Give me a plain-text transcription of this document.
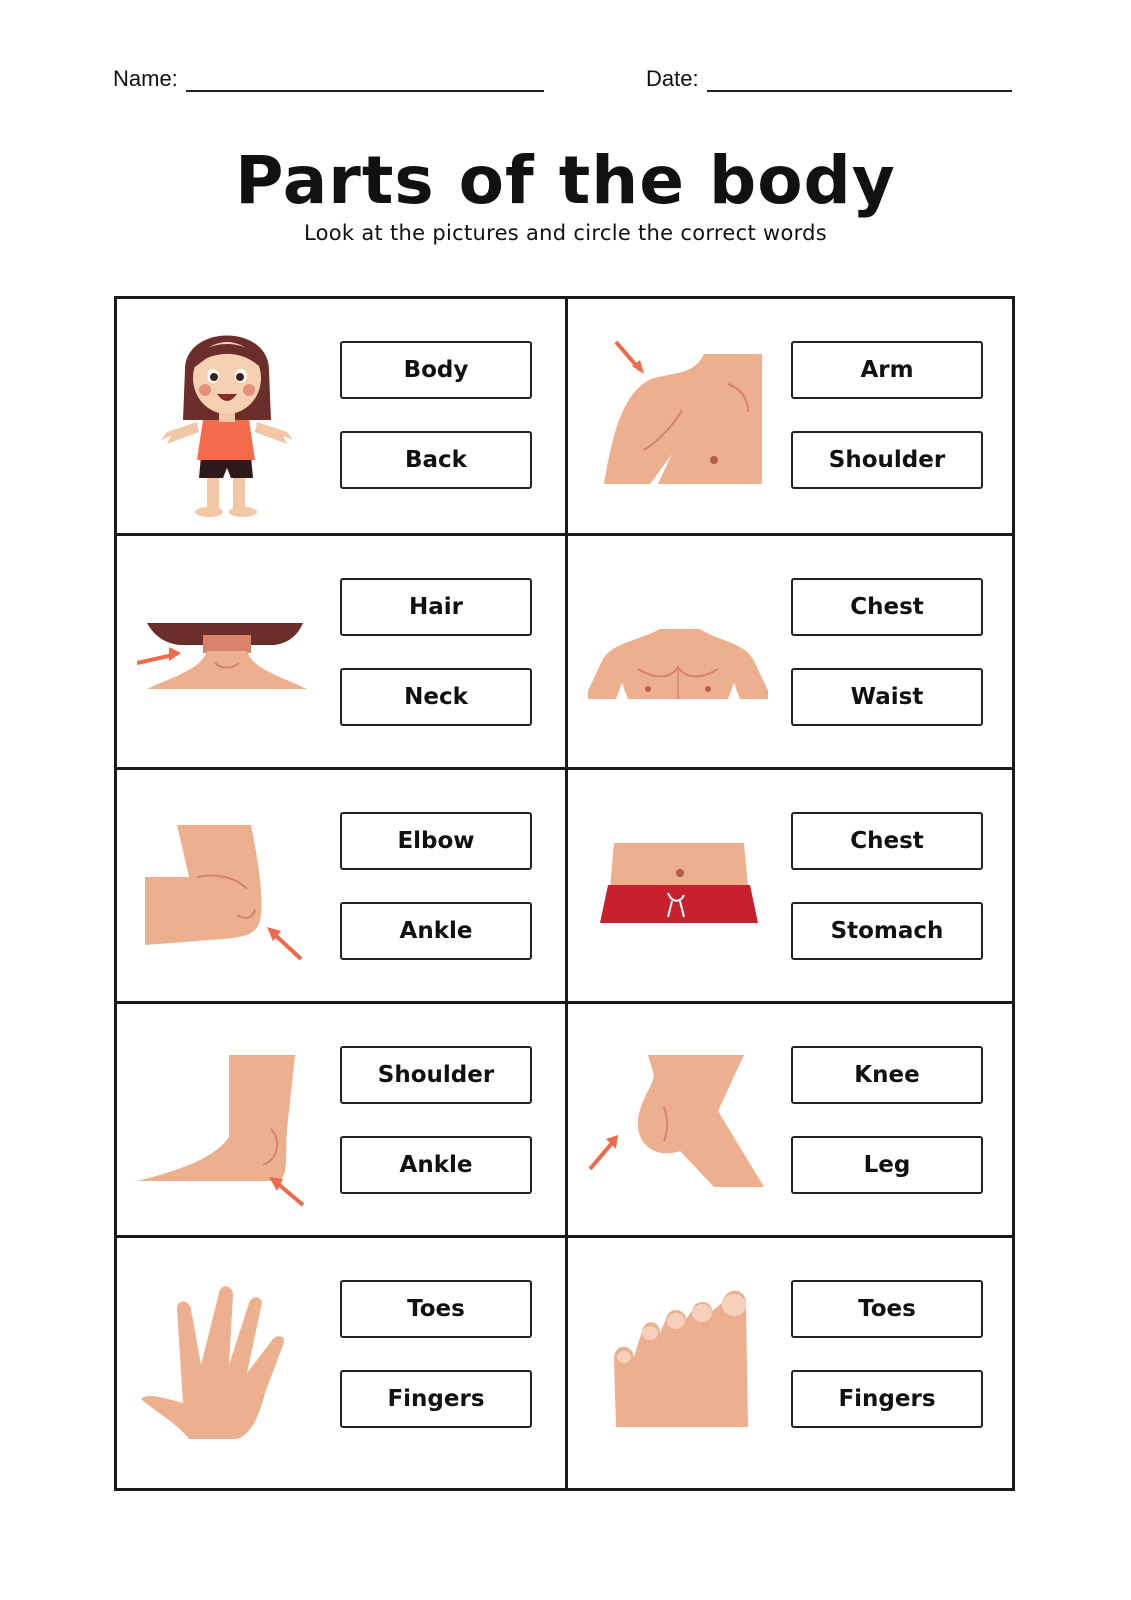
Name:	Date:
Parts of the body
Look at the pictures and circle the correct words
Body
Back
Arm
Shoulder
Hair
Neck
Chest
Waist
Elbow
Ankle
Chest
Stomach
Shoulder
Ankle
Knee
Leg
Toes
Fingers
Toes
Fingers
